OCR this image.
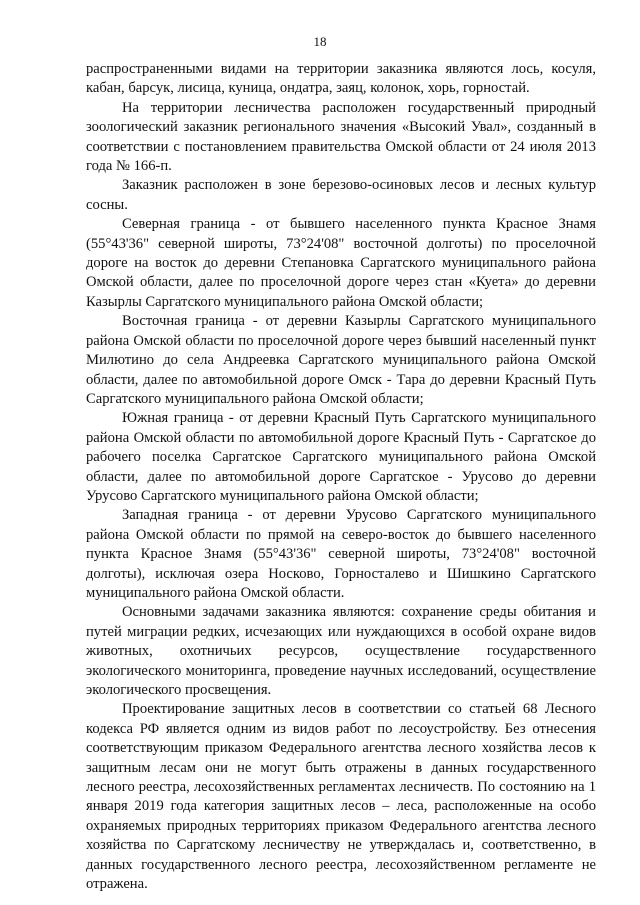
18

распространенными видами на территории заказника являются лось, косуля, кабан, барсук, лисица, куница, ондатра, заяц, колонок, хорь, горностай.

На территории лесничества расположен государственный природный зоологический заказник регионального значения «Высокий Увал», созданный в соответствии с постановлением правительства Омской области от 24 июля 2013 года № 166-п.

Заказник расположен в зоне березово-осиновых лесов и лесных культур сосны.

Северная граница - от бывшего населенного пункта Красное Знамя (55°43'36" северной широты, 73°24'08" восточной долготы) по проселочной дороге на восток до деревни Степановка Саргатского муниципального района Омской области, далее по проселочной дороге через стан «Куета» до деревни Казырлы Саргатского муниципального района Омской области;

Восточная граница - от деревни Казырлы Саргатского муниципального района Омской области по проселочной дороге через бывший населенный пункт Милютино до села Андреевка Саргатского муниципального района Омской области, далее по автомобильной дороге Омск - Тара до деревни Красный Путь Саргатского муниципального района Омской области;

Южная граница - от деревни Красный Путь Саргатского муниципального района Омской области по автомобильной дороге Красный Путь - Саргатское до рабочего поселка Саргатское Саргатского муниципального района Омской области, далее по автомобильной дороге Саргатское - Урусово до деревни Урусово Саргатского муниципального района Омской области;

Западная граница - от деревни Урусово Саргатского муниципального района Омской области по прямой на северо-восток до бывшего населенного пункта Красное Знамя (55°43'36" северной широты, 73°24'08" восточной долготы), исключая озера Носково, Горносталево и Шишкино Саргатского муниципального района Омской области.

Основными задачами заказника являются: сохранение среды обитания и путей миграции редких, исчезающих или нуждающихся в особой охране видов животных, охотничьих ресурсов, осуществление государственного экологического мониторинга, проведение научных исследований, осуществление экологического просвещения.

Проектирование защитных лесов в соответствии со статьей 68 Лесного кодекса РФ является одним из видов работ по лесоустройству. Без отнесения соответствующим приказом Федерального агентства лесного хозяйства лесов к защитным лесам они не могут быть отражены в данных государственного лесного реестра, лесохозяйственных регламентах лесничеств. По состоянию на 1 января 2019 года категория защитных лесов – леса, расположенные на особо охраняемых природных территориях приказом Федерального агентства лесного хозяйства по Саргатскому лесничеству не утверждалась и, соответственно, в данных государственного лесного реестра, лесохозяйственном регламенте не отражена.
